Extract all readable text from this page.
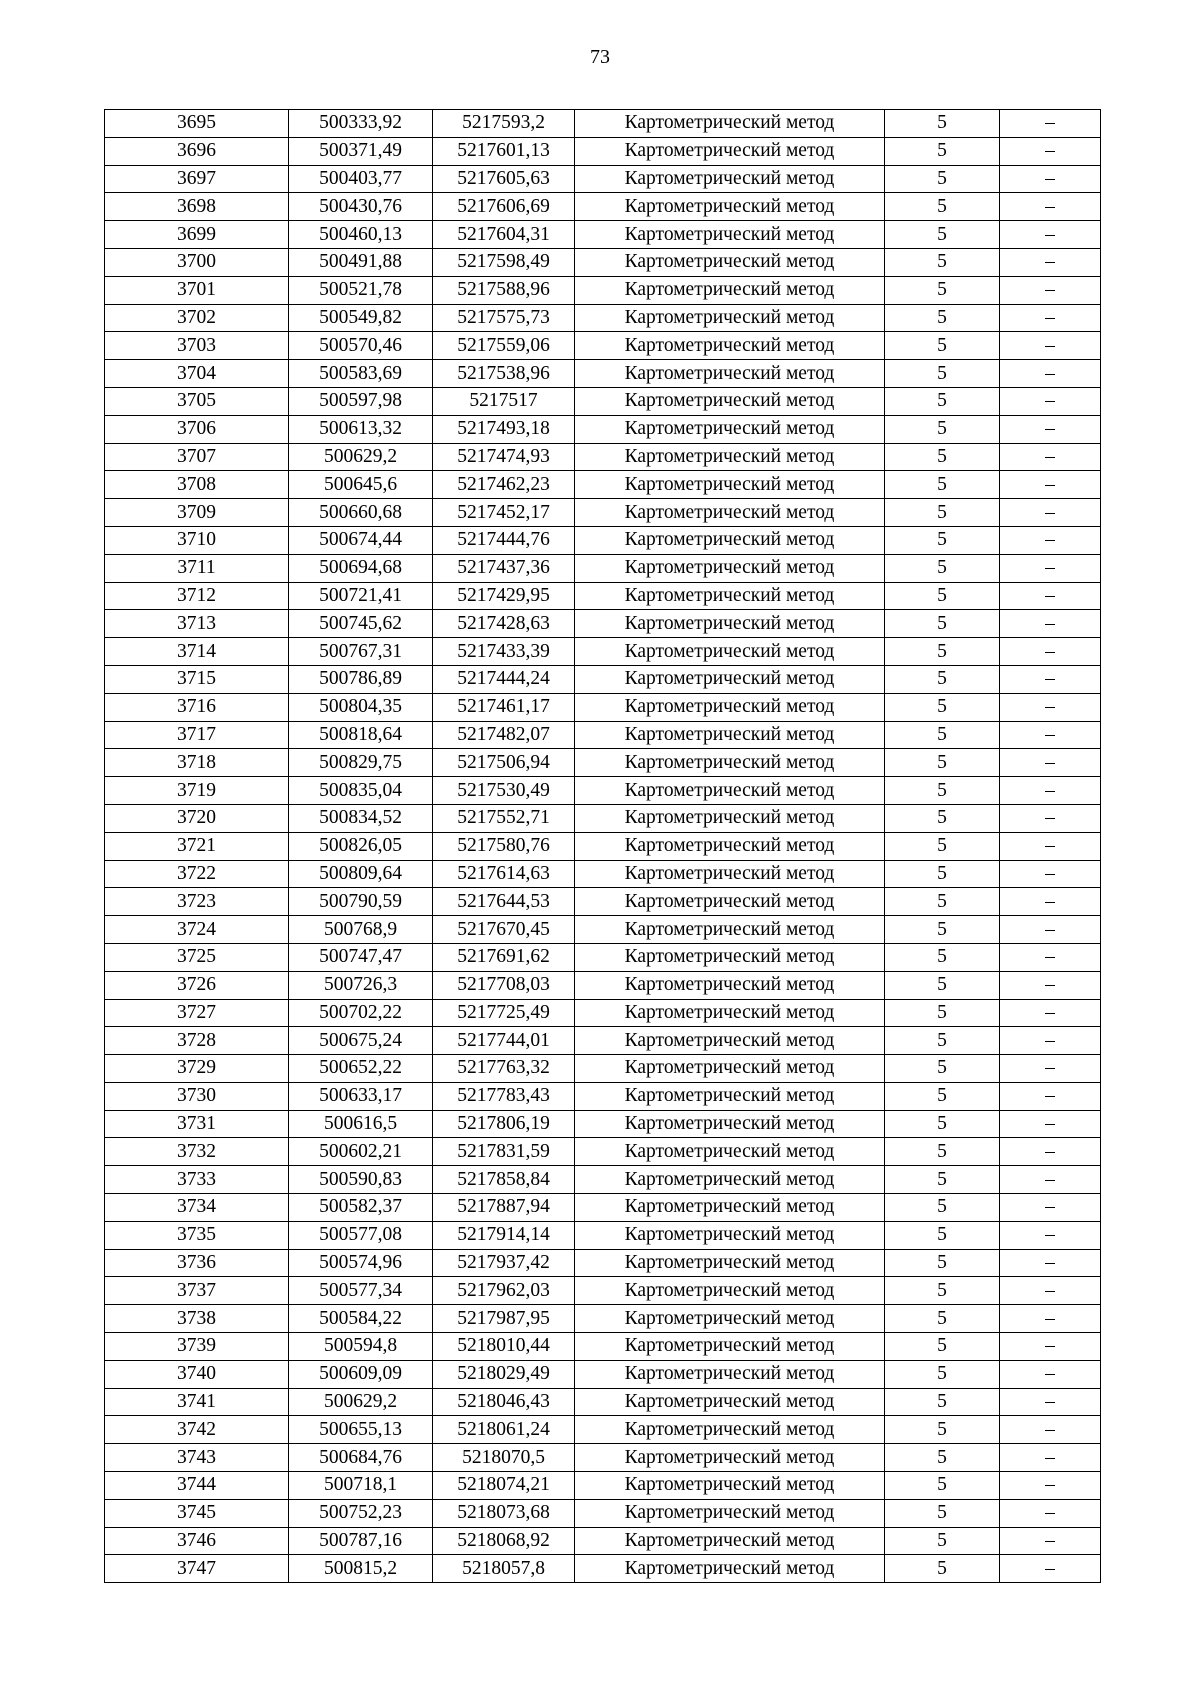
73
3695	500333,92	5217593,2	Картометрический метод	5	–
3696	500371,49	5217601,13	Картометрический метод	5	–
3697	500403,77	5217605,63	Картометрический метод	5	–
3698	500430,76	5217606,69	Картометрический метод	5	–
3699	500460,13	5217604,31	Картометрический метод	5	–
3700	500491,88	5217598,49	Картометрический метод	5	–
3701	500521,78	5217588,96	Картометрический метод	5	–
3702	500549,82	5217575,73	Картометрический метод	5	–
3703	500570,46	5217559,06	Картометрический метод	5	–
3704	500583,69	5217538,96	Картометрический метод	5	–
3705	500597,98	5217517	Картометрический метод	5	–
3706	500613,32	5217493,18	Картометрический метод	5	–
3707	500629,2	5217474,93	Картометрический метод	5	–
3708	500645,6	5217462,23	Картометрический метод	5	–
3709	500660,68	5217452,17	Картометрический метод	5	–
3710	500674,44	5217444,76	Картометрический метод	5	–
3711	500694,68	5217437,36	Картометрический метод	5	–
3712	500721,41	5217429,95	Картометрический метод	5	–
3713	500745,62	5217428,63	Картометрический метод	5	–
3714	500767,31	5217433,39	Картометрический метод	5	–
3715	500786,89	5217444,24	Картометрический метод	5	–
3716	500804,35	5217461,17	Картометрический метод	5	–
3717	500818,64	5217482,07	Картометрический метод	5	–
3718	500829,75	5217506,94	Картометрический метод	5	–
3719	500835,04	5217530,49	Картометрический метод	5	–
3720	500834,52	5217552,71	Картометрический метод	5	–
3721	500826,05	5217580,76	Картометрический метод	5	–
3722	500809,64	5217614,63	Картометрический метод	5	–
3723	500790,59	5217644,53	Картометрический метод	5	–
3724	500768,9	5217670,45	Картометрический метод	5	–
3725	500747,47	5217691,62	Картометрический метод	5	–
3726	500726,3	5217708,03	Картометрический метод	5	–
3727	500702,22	5217725,49	Картометрический метод	5	–
3728	500675,24	5217744,01	Картометрический метод	5	–
3729	500652,22	5217763,32	Картометрический метод	5	–
3730	500633,17	5217783,43	Картометрический метод	5	–
3731	500616,5	5217806,19	Картометрический метод	5	–
3732	500602,21	5217831,59	Картометрический метод	5	–
3733	500590,83	5217858,84	Картометрический метод	5	–
3734	500582,37	5217887,94	Картометрический метод	5	–
3735	500577,08	5217914,14	Картометрический метод	5	–
3736	500574,96	5217937,42	Картометрический метод	5	–
3737	500577,34	5217962,03	Картометрический метод	5	–
3738	500584,22	5217987,95	Картометрический метод	5	–
3739	500594,8	5218010,44	Картометрический метод	5	–
3740	500609,09	5218029,49	Картометрический метод	5	–
3741	500629,2	5218046,43	Картометрический метод	5	–
3742	500655,13	5218061,24	Картометрический метод	5	–
3743	500684,76	5218070,5	Картометрический метод	5	–
3744	500718,1	5218074,21	Картометрический метод	5	–
3745	500752,23	5218073,68	Картометрический метод	5	–
3746	500787,16	5218068,92	Картометрический метод	5	–
3747	500815,2	5218057,8	Картометрический метод	5	–
